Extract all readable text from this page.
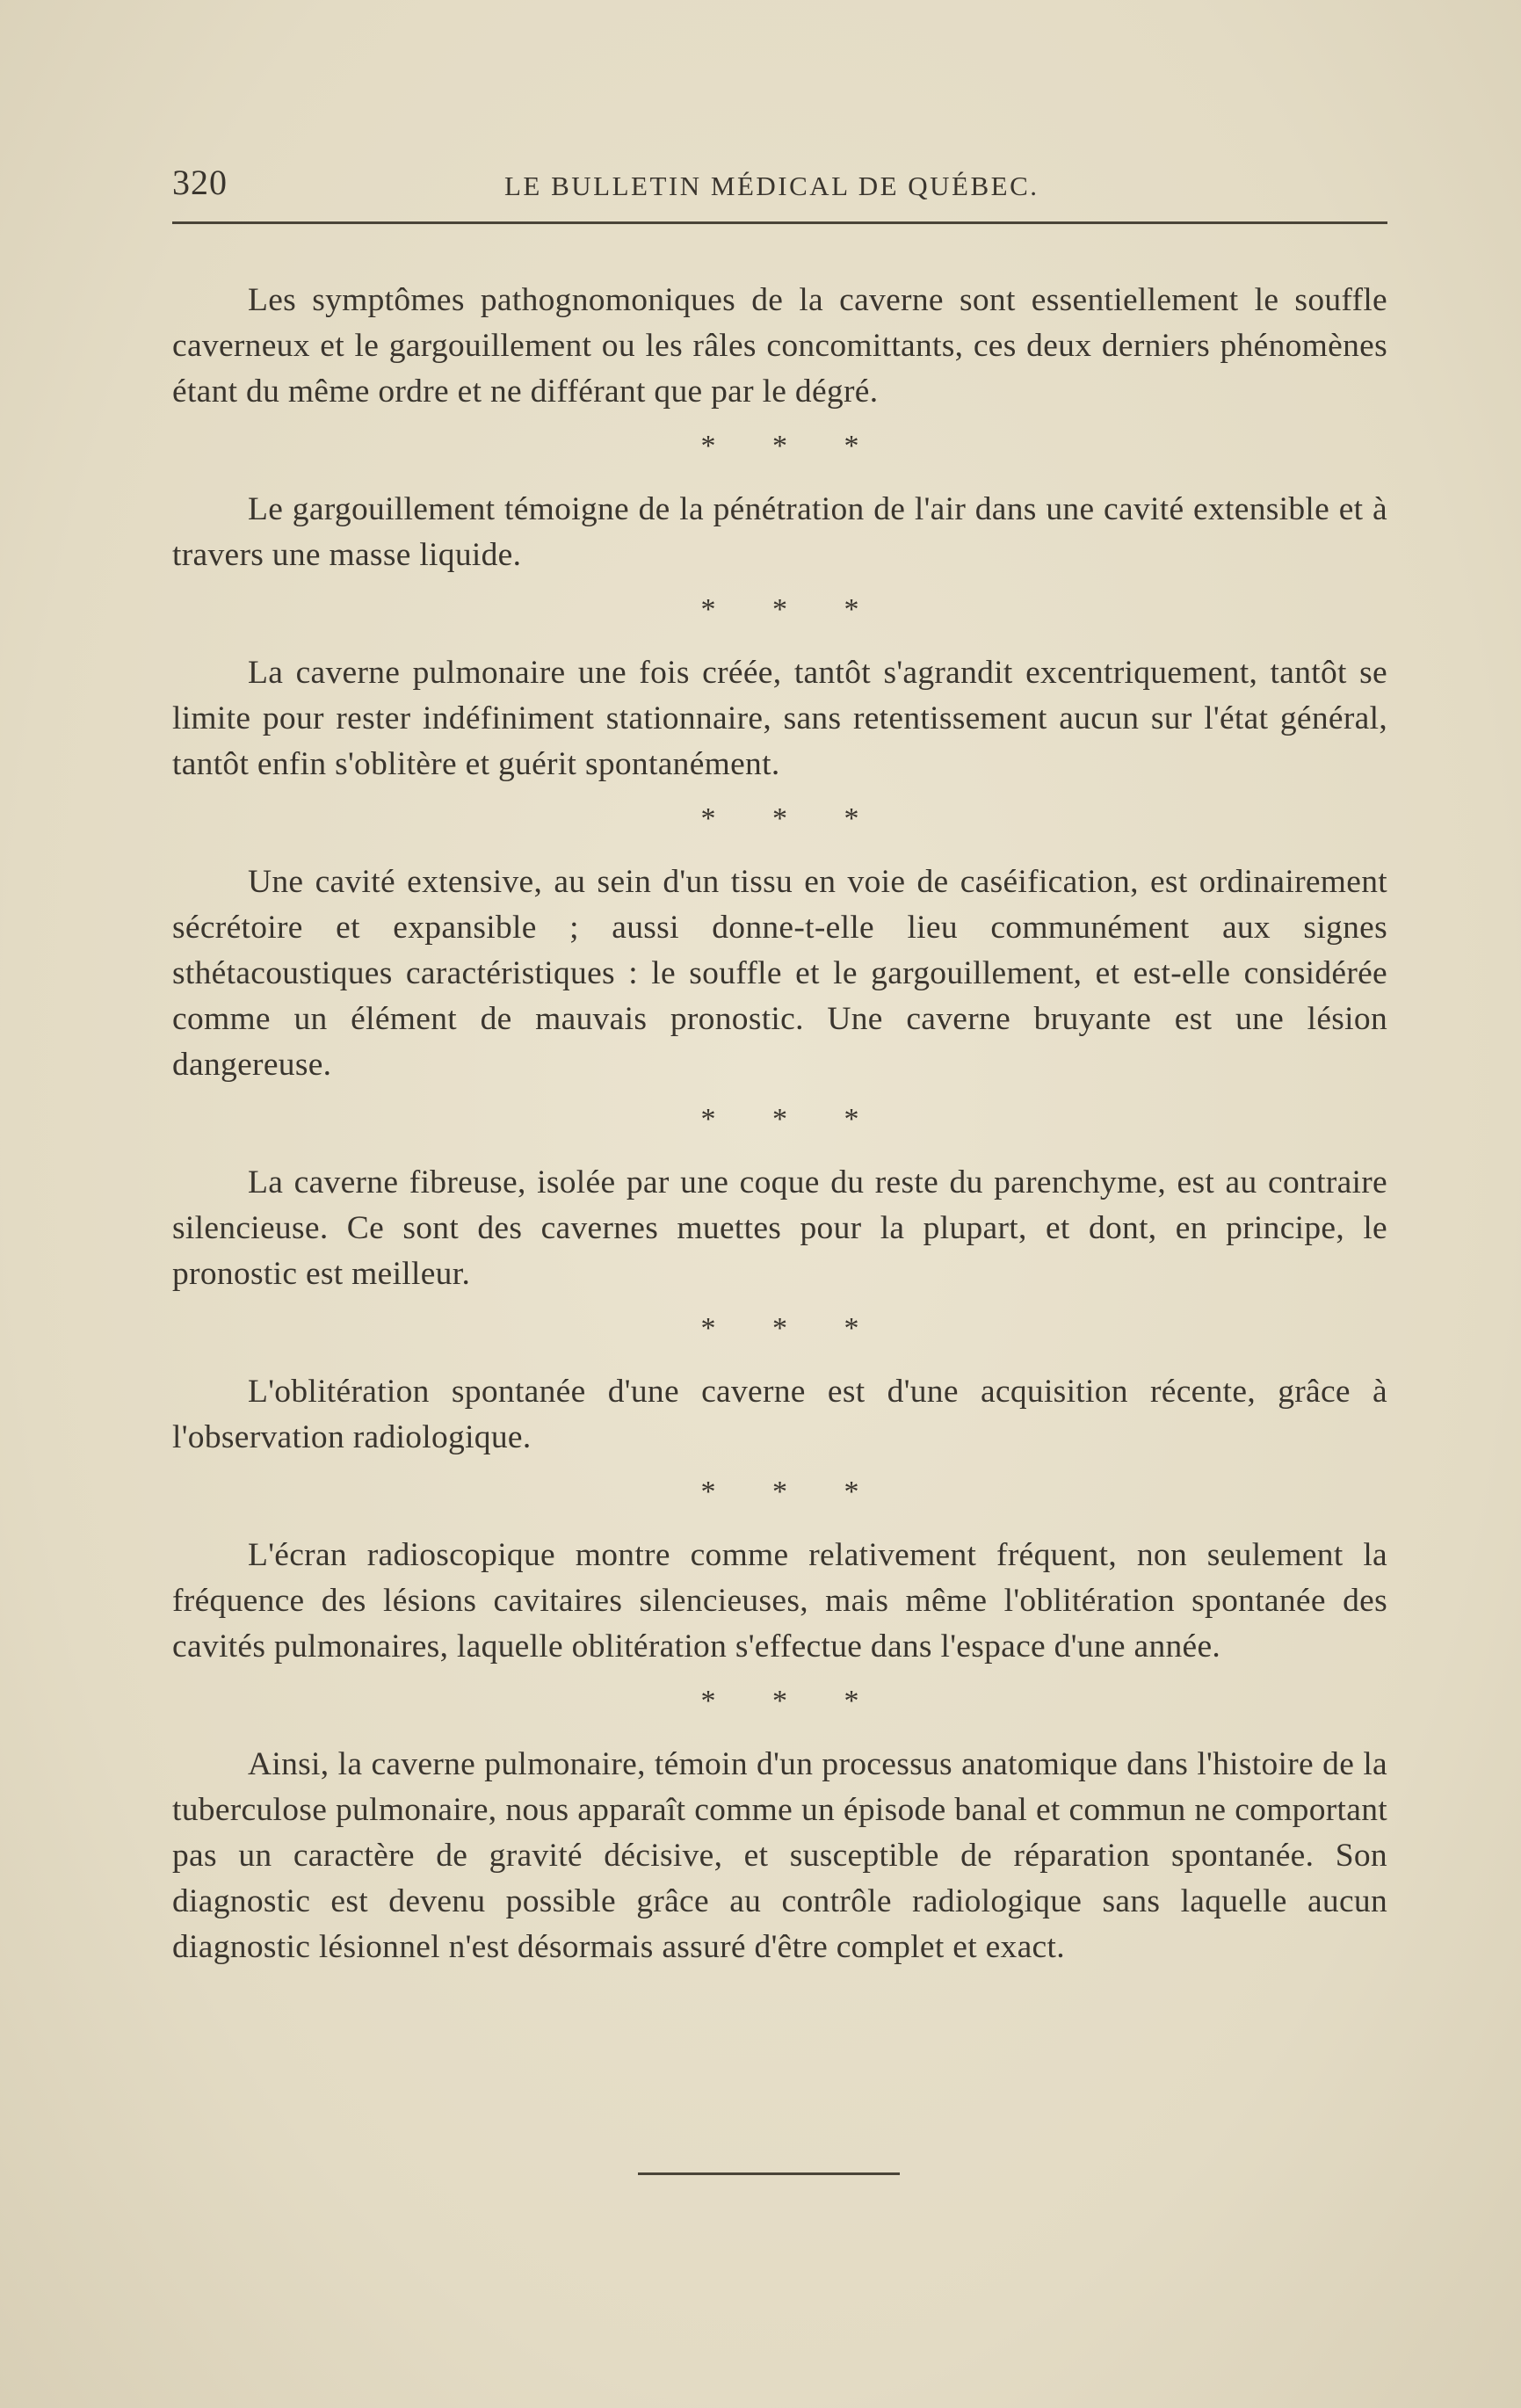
320	LE BULLETIN MÉDICAL DE QUÉBEC.

Les symptômes pathognomoniques de la caverne sont essentiellement le souffle caverneux et le gargouillement ou les râles concomittants, ces deux derniers phénomènes étant du même ordre et ne différant que par le dégré.

* * *

Le gargouillement témoigne de la pénétration de l'air dans une cavité extensible et à travers une masse liquide.

* * *

La caverne pulmonaire une fois créée, tantôt s'agrandit excentriquement, tantôt se limite pour rester indéfiniment stationnaire, sans retentissement aucun sur l'état général, tantôt enfin s'oblitère et guérit spontanément.

* * *

Une cavité extensive, au sein d'un tissu en voie de caséification, est ordinairement sécrétoire et expansible ; aussi donne-t-elle lieu communément aux signes sthétacoustiques caractéristiques : le souffle et le gargouillement, et est-elle considérée comme un élément de mauvais pronostic. Une caverne bruyante est une lésion dangereuse.

* * *

La caverne fibreuse, isolée par une coque du reste du parenchyme, est au contraire silencieuse. Ce sont des cavernes muettes pour la plupart, et dont, en principe, le pronostic est meilleur.

* * *

L'oblitération spontanée d'une caverne est d'une acquisition récente, grâce à l'observation radiologique.

* * *

L'écran radioscopique montre comme relativement fréquent, non seulement la fréquence des lésions cavitaires silencieuses, mais même l'oblitération spontanée des cavités pulmonaires, laquelle oblitération s'effectue dans l'espace d'une année.

* * *

Ainsi, la caverne pulmonaire, témoin d'un processus anatomique dans l'histoire de la tuberculose pulmonaire, nous apparaît comme un épisode banal et commun ne comportant pas un caractère de gravité décisive, et susceptible de réparation spontanée. Son diagnostic est devenu possible grâce au contrôle radiologique sans laquelle aucun diagnostic lésionnel n'est désormais assuré d'être complet et exact.
